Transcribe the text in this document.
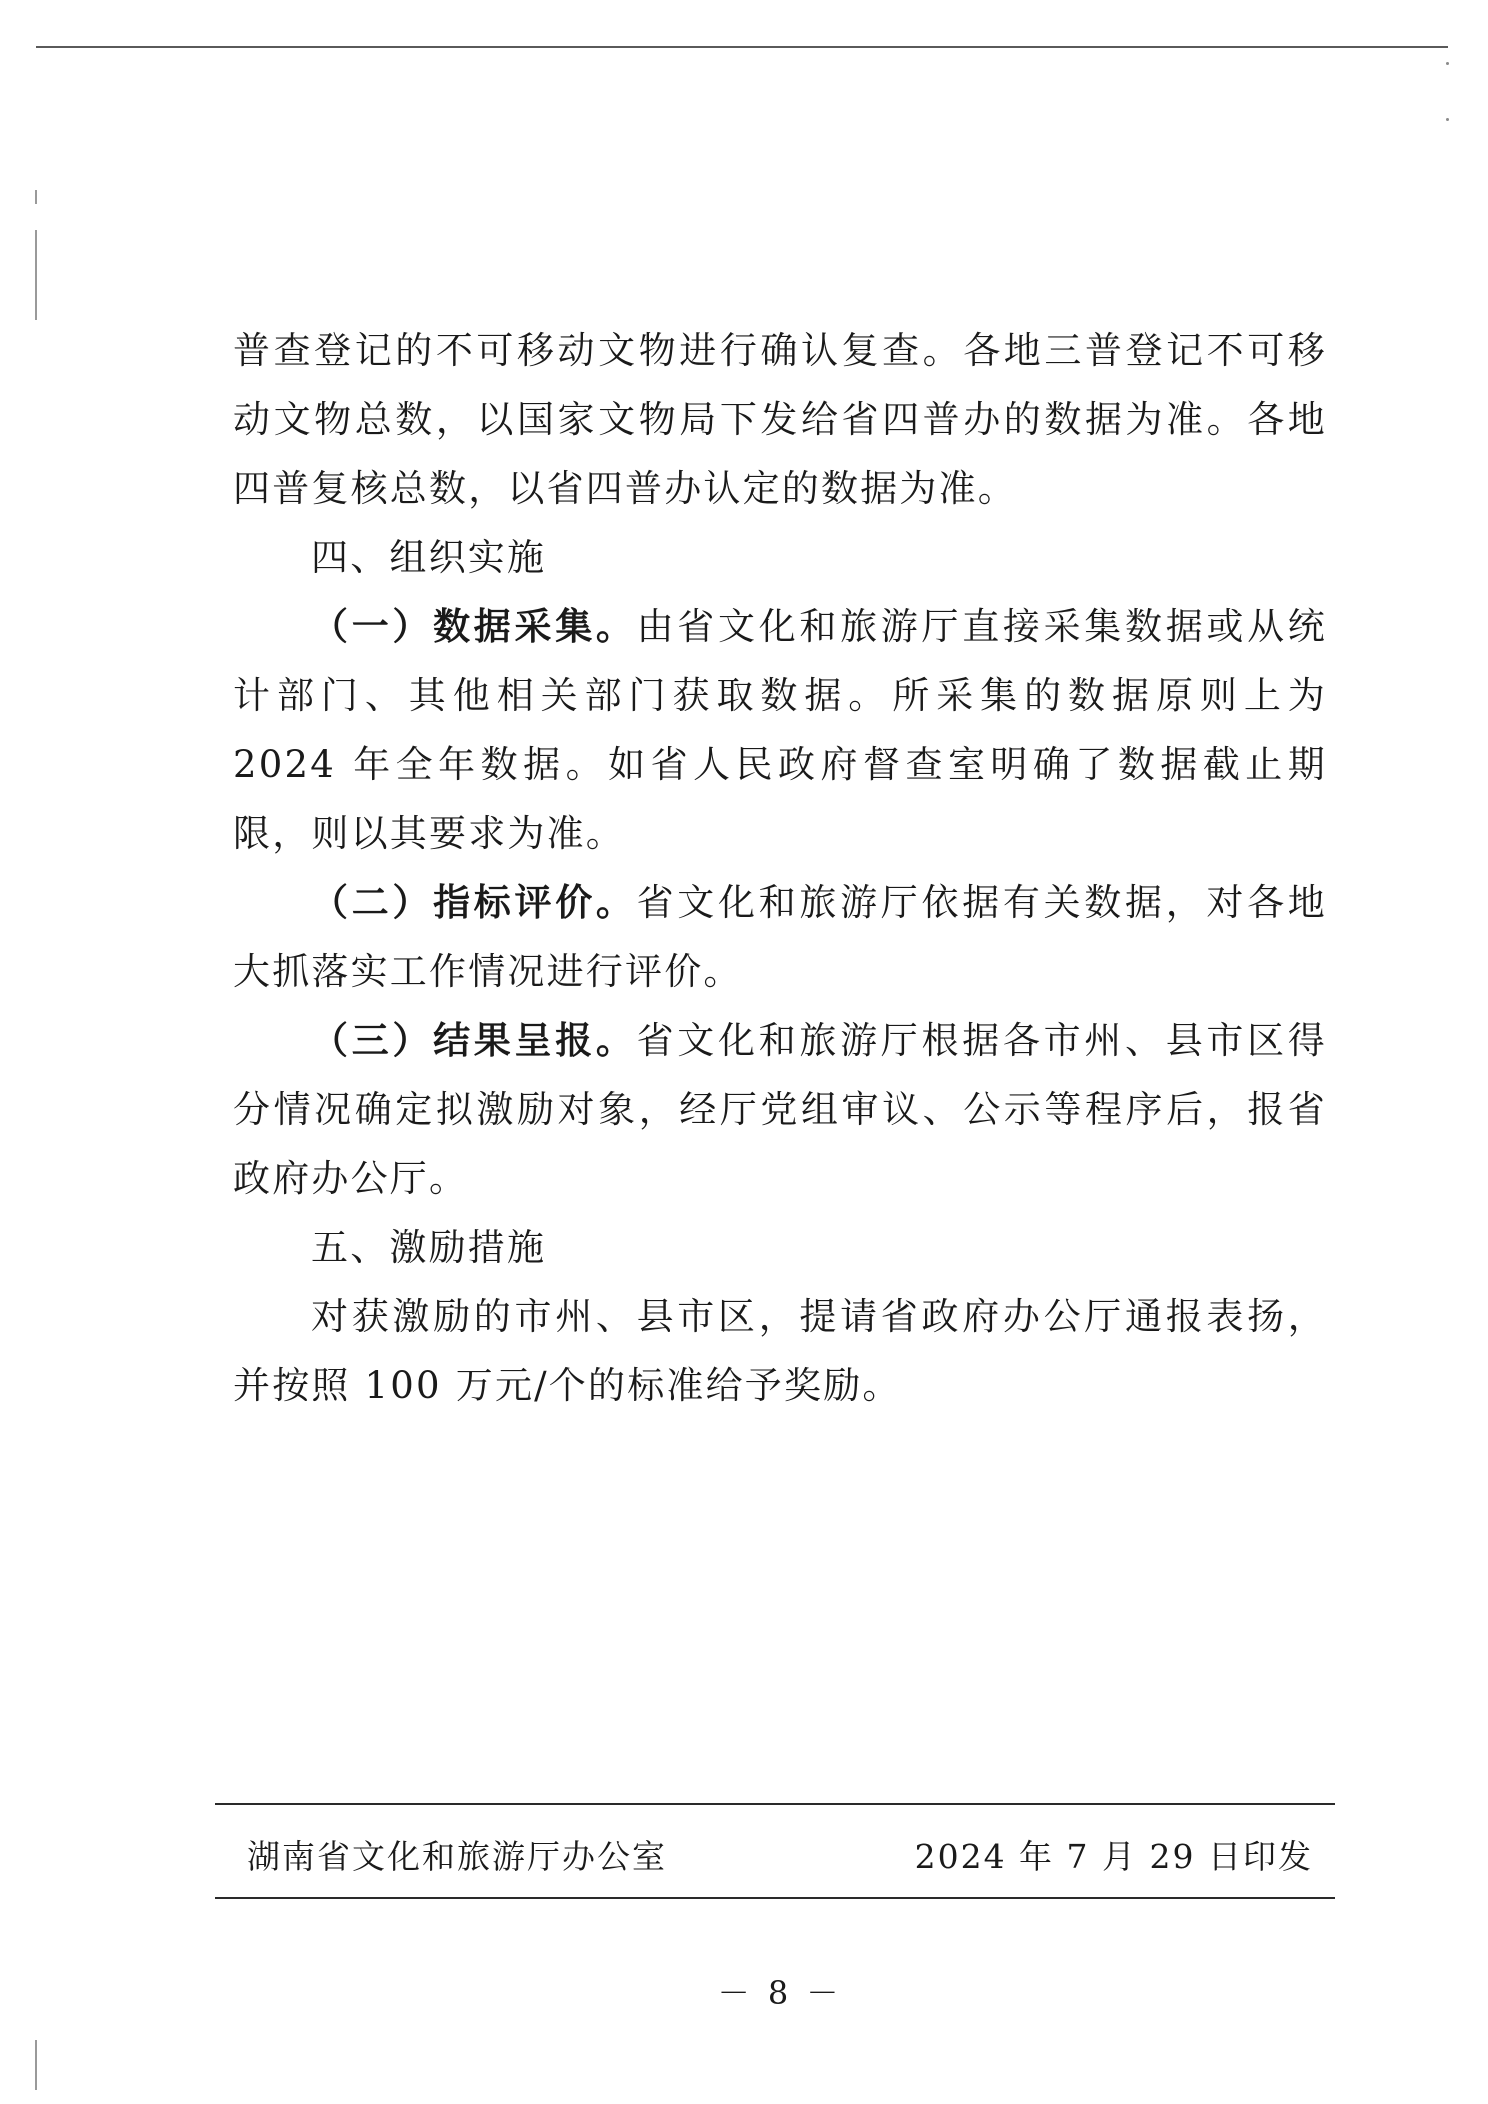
普查登记的不可移动文物进行确认复查。各地三普登记不可移动文物总数，以国家文物局下发给省四普办的数据为准。各地四普复核总数，以省四普办认定的数据为准。

四、组织实施

（一）数据采集。由省文化和旅游厅直接采集数据或从统计部门、其他相关部门获取数据。所采集的数据原则上为 2024 年全年数据。如省人民政府督查室明确了数据截止期限，则以其要求为准。

（二）指标评价。省文化和旅游厅依据有关数据，对各地大抓落实工作情况进行评价。

（三）结果呈报。省文化和旅游厅根据各市州、县市区得分情况确定拟激励对象，经厅党组审议、公示等程序后，报省政府办公厅。

五、激励措施

对获激励的市州、县市区，提请省政府办公厅通报表扬，并按照 100 万元/个的标准给予奖励。

湖南省文化和旅游厅办公室	2024 年 7 月 29 日印发
－ 8 －
